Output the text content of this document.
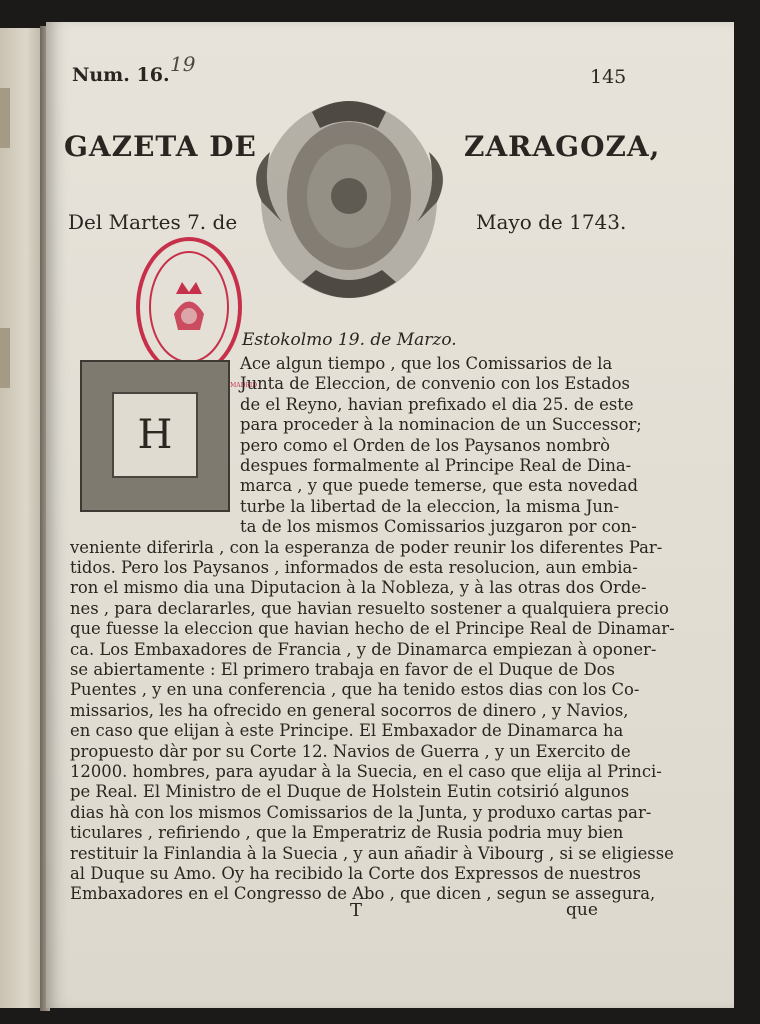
Num. 16. 19
145
GAZETA DE	ZARAGOZA,
Del Martes 7. de	Mayo de 1743.
Estokolmo 19. de Marzo.
H
Ace algun tiempo , que los Comissarios de la
Junta de Eleccion, de convenio con los Estados
de el Reyno, havian prefixado el dia 25. de este
para proceder à la nominacion de un Successor;
pero como el Orden de los Paysanos nombrò
despues formalmente al Principe Real de Dina-
marca , y que puede temerse, que esta novedad
turbe la libertad de la eleccion, la misma Jun-
ta de los mismos Comissarios juzgaron por con-
veniente diferirla , con la esperanza de poder reunir los diferentes Par-
tidos. Pero los Paysanos , informados de esta resolucion, aun embia-
ron el mismo dia una Diputacion à la Nobleza, y à las otras dos Orde-
nes , para declararles, que havian resuelto sostener a qualquiera precio
que fuesse la eleccion que havian hecho de el Principe Real de Dinamar-
ca. Los Embaxadores de Francia , y de Dinamarca empiezan à oponer-
se abiertamente : El primero trabaja en favor de el Duque de Dos
Puentes , y en una conferencia , que ha tenido estos dias con los Co-
missarios, les ha ofrecido en general socorros de dinero , y Navios,
en caso que elijan à este Principe. El Embaxador de Dinamarca ha
propuesto dàr por su Corte 12. Navios de Guerra , y un Exercito de
12000. hombres, para ayudar à la Suecia, en el caso que elija al Princi-
pe Real. El Ministro de el Duque de Holstein Eutin cotsirió algunos
dias hà con los mismos Comissarios de la Junta, y produxo cartas par-
ticulares , refiriendo , que la Emperatriz de Rusia podria muy bien
restituir la Finlandia à la Suecia , y aun añadir à Vibourg , si se eligiesse
al Duque su Amo. Oy ha recibido la Corte dos Expressos de nuestros
Embaxadores en el Congresso de Abo , que dicen , segun se assegura,
T	que
